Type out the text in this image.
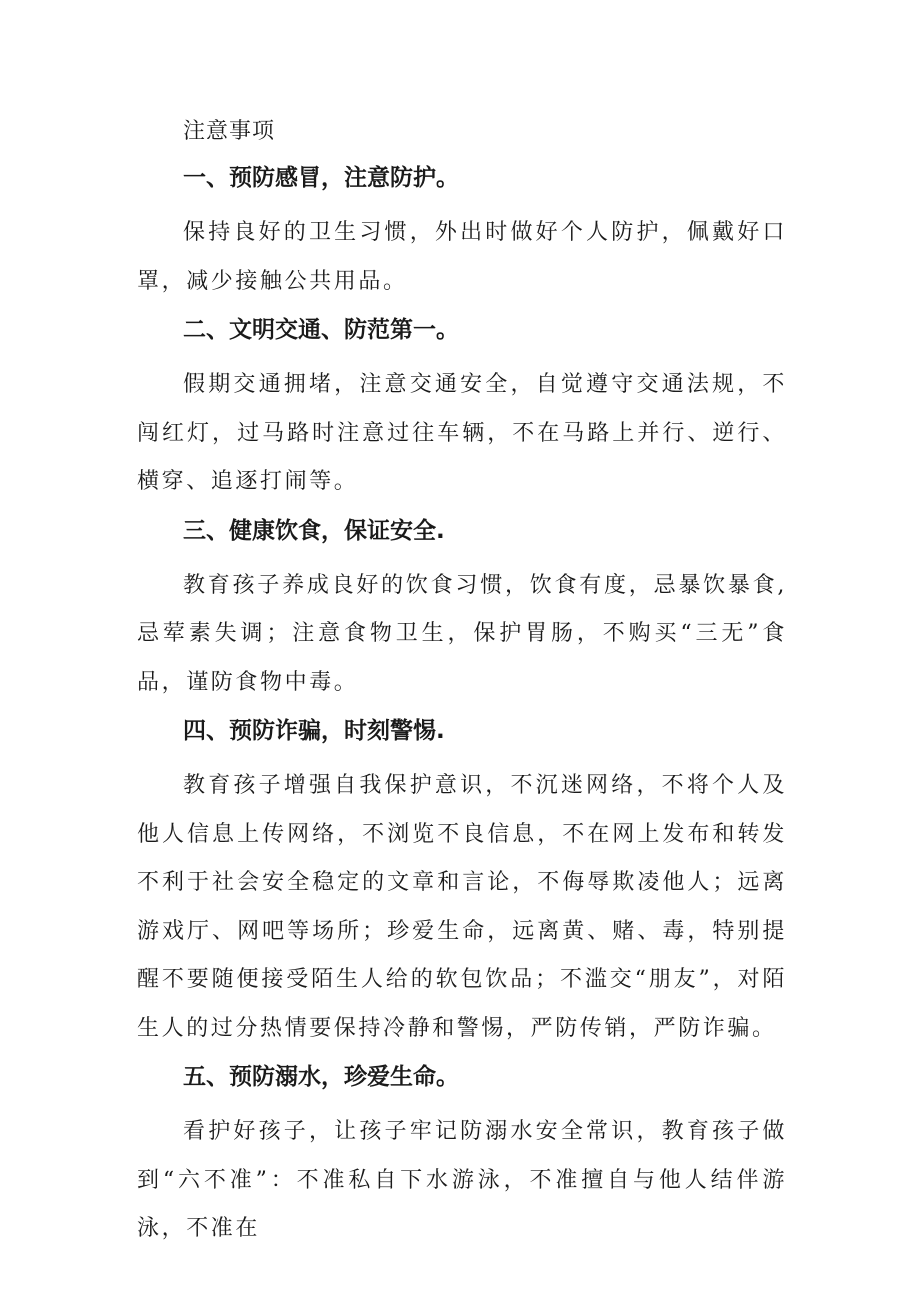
注意事项
一、预防感冒，注意防护。
保持良好的卫生习惯，外出时做好个人防护，佩戴好口罩，减少接触公共用品。
二、文明交通、防范第一。
假期交通拥堵，注意交通安全，自觉遵守交通法规，不闯红灯，过马路时注意过往车辆，不在马路上并行、逆行、横穿、追逐打闹等。
三、健康饮食，保证安全.
教育孩子养成良好的饮食习惯，饮食有度，忌暴饮暴食,忌荤素失调；注意食物卫生，保护胃肠，不购买“三无”食品，谨防食物中毒。
四、预防诈骗，时刻警惕.
教育孩子增强自我保护意识，不沉迷网络，不将个人及他人信息上传网络，不浏览不良信息，不在网上发布和转发不利于社会安全稳定的文章和言论，不侮辱欺凌他人；远离游戏厅、网吧等场所；珍爱生命，远离黄、赌、毒，特别提醒不要随便接受陌生人给的软包饮品；不滥交“朋友”，对陌生人的过分热情要保持冷静和警惕，严防传销，严防诈骗。
五、预防溺水，珍爱生命。
看护好孩子，让孩子牢记防溺水安全常识，教育孩子做到“六不准”：不准私自下水游泳，不准擅自与他人结伴游泳，不准在
